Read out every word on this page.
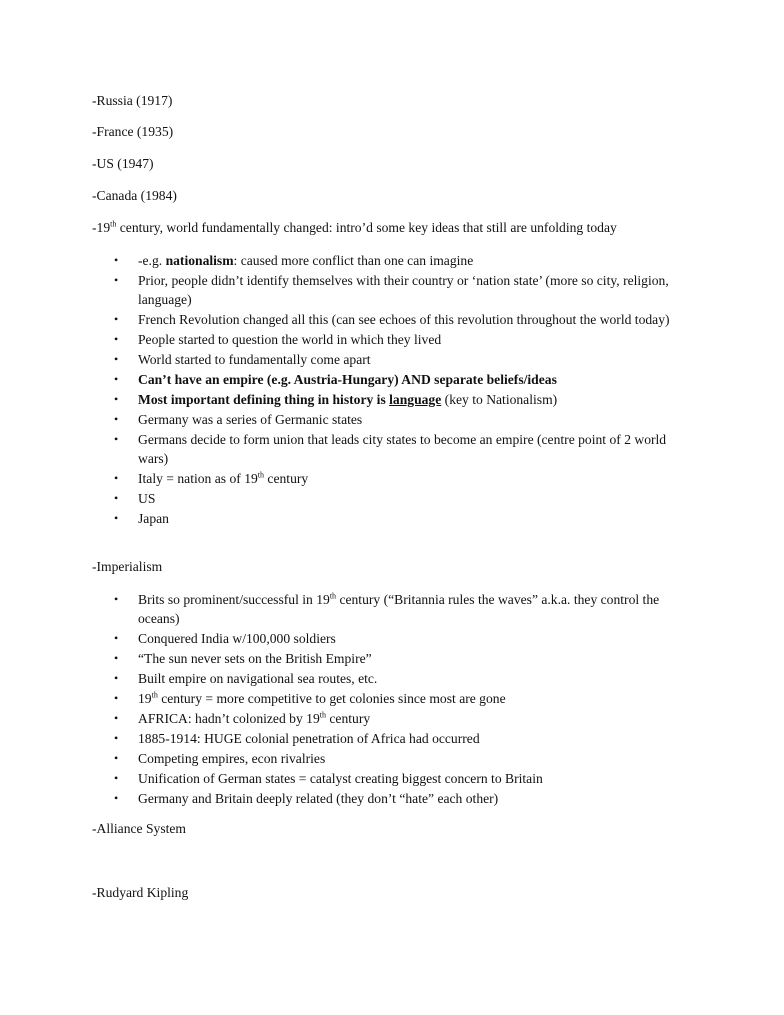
-Russia (1917)
-France (1935)
-US (1947)
-Canada (1984)
-19th century, world fundamentally changed: intro’d some key ideas that still are unfolding today
• -e.g. nationalism: caused more conflict than one can imagine
• Prior, people didn’t identify themselves with their country or ‘nation state’ (more so city, religion, language)
• French Revolution changed all this (can see echoes of this revolution throughout the world today)
• People started to question the world in which they lived
• World started to fundamentally come apart
• Can’t have an empire (e.g. Austria-Hungary) AND separate beliefs/ideas
• Most important defining thing in history is language (key to Nationalism)
• Germany was a series of Germanic states
• Germans decide to form union that leads city states to become an empire (centre point of 2 world wars)
• Italy = nation as of 19th century
• US
• Japan
-Imperialism
• Brits so prominent/successful in 19th century (“Britannia rules the waves” a.k.a. they control the oceans)
• Conquered India w/100,000 soldiers
• “The sun never sets on the British Empire”
• Built empire on navigational sea routes, etc.
• 19th century = more competitive to get colonies since most are gone
• AFRICA: hadn’t colonized by 19th century
• 1885-1914: HUGE colonial penetration of Africa had occurred
• Competing empires, econ rivalries
• Unification of German states = catalyst creating biggest concern to Britain
• Germany and Britain deeply related (they don’t “hate” each other)
-Alliance System
-Rudyard Kipling
